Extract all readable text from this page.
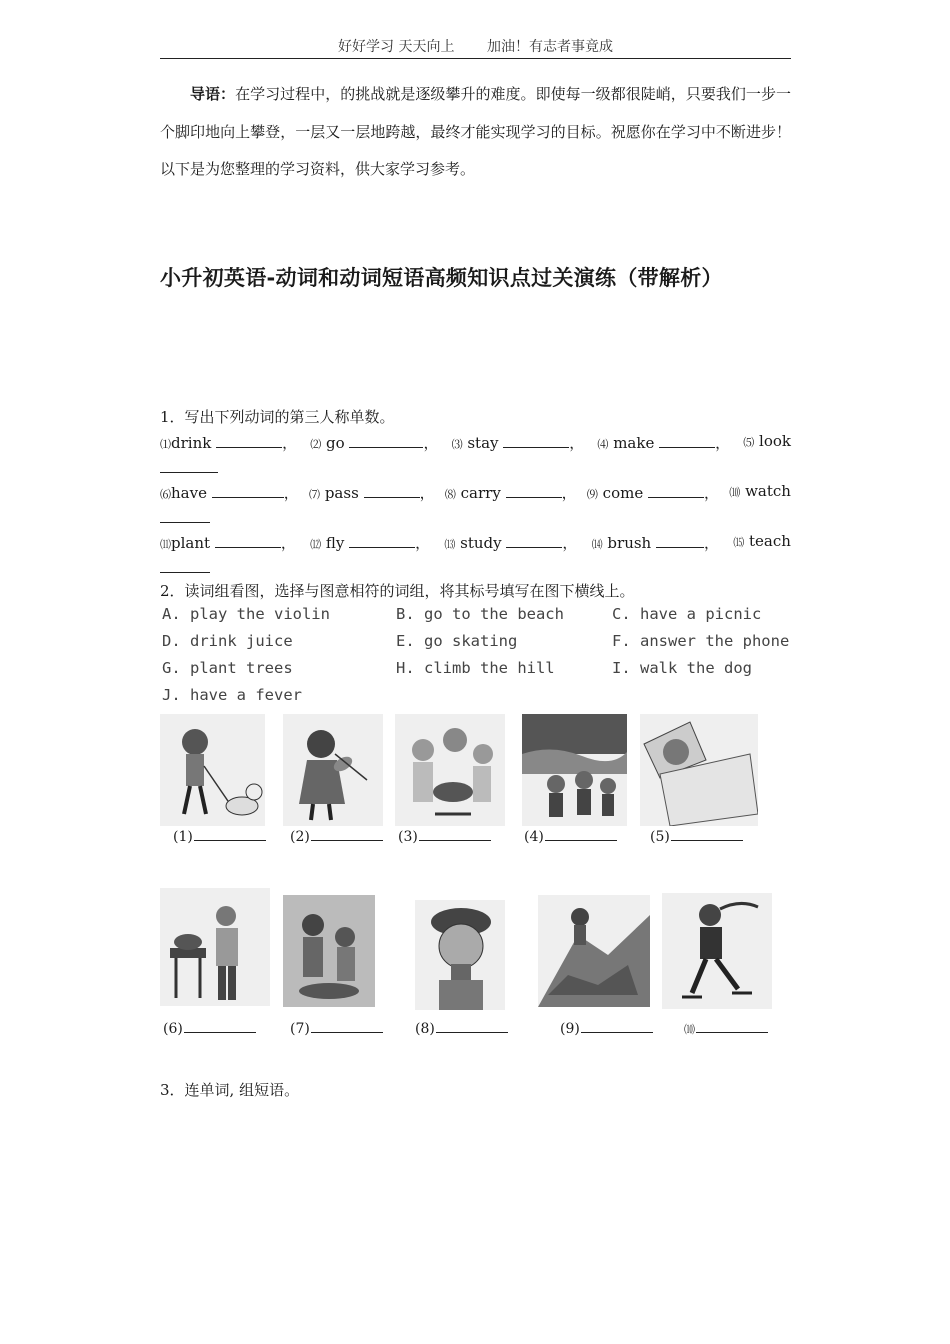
好好学习 天天向上 加油！有志者事竟成
导语：在学习过程中，的挑战就是逐级攀升的难度。即使每一级都很陡峭，只要我们一步一个脚印地向上攀登，一层又一层地跨越，最终才能实现学习的目标。祝愿你在学习中不断进步！以下是为您整理的学习资料，供大家学习参考。
小升初英语-动词和动词短语高频知识点过关演练（带解析）
1．写出下列动词的第三人称单数。
⑴drink	， ⑵ go	， ⑶ stay	， ⑷ make	， ⑸ look
⑹have	， ⑺ pass	， ⑻ carry	， ⑼ come	， ⑽ watch
⑾plant	， ⑿ fly	， ⒀ study	， ⒁ brush	， ⒂ teach
2．读词组看图，选择与图意相符的词组，将其标号填写在图下横线上。
A. play the violin	B. go to the beach	C. have a picnic
D. drink juice	E. go skating	F. answer the phone
G. plant trees	H. climb the hill	I. walk the dog
J. have a fever
(1)	(2)	(3)	(4)	(5)
(6)	(7)	(8)	(9)	⑽
3．连单词, 组短语。
